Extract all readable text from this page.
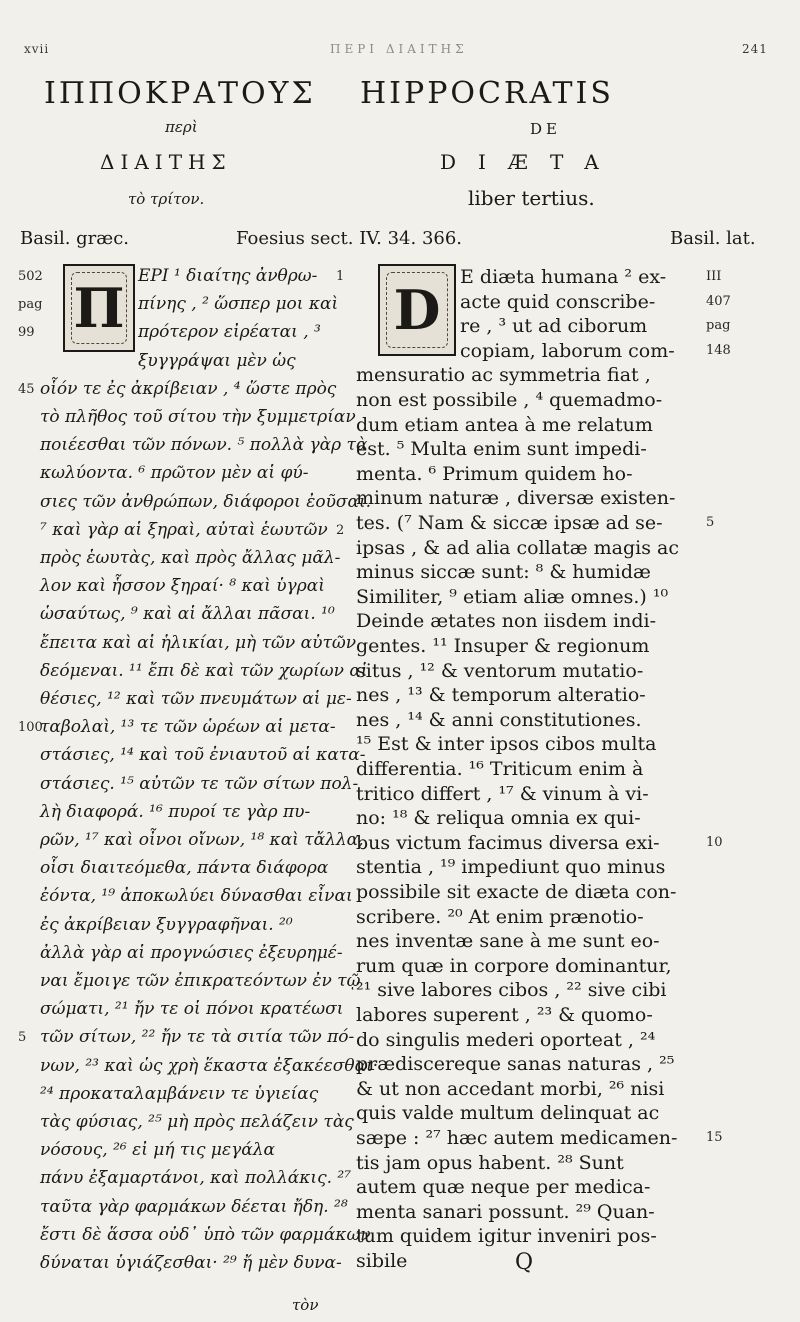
xvii	ΠΕΡΙ ΔΙΑΙΤΗΣ	241
ΙΠΠΟΚΡΑΤΟΥΣ HIPPOCRATIS
περὶ	DE
ΔΙΑΙΤΗΣ	DIÆTA
τὸ τρίτον.	liber tertius.
Basil. græc.	Foesius sect. IV. 34. 366.	Basil. lat.
Π ΕΡΙ ¹ διαίτης ἀνθρω-
πίνης , ² ὥσπερ μοι καὶ
πρότερον εἰρέαται , ³
ξυγγράψαι μὲν ὡς
οἷόν τε ἐς ἀκρίβειαν , ⁴ ὥστε πρὸς
τὸ πλῆθος τοῦ σίτου τὴν ξυμμετρίαν
ποιέεσθαι τῶν πόνων. ⁵ πολλὰ γὰρ τὰ
κωλύοντα. ⁶ πρῶτον μὲν αἱ φύ-
σιες τῶν ἀνθρώπων, διάφοροι ἐοῦσαι.
⁷ καὶ γὰρ αἱ ξηραὶ, αὐταὶ ἑωυτῶν
πρὸς ἑωυτὰς, καὶ πρὸς ἄλλας μᾶλ-
λον καὶ ἧσσον ξηραί· ⁸ καὶ ὑγραὶ
ὡσαύτως, ⁹ καὶ αἱ ἄλλαι πᾶσαι. ¹⁰
ἔπειτα καὶ αἱ ἡλικίαι, μὴ τῶν αὐτῶν
δεόμεναι. ¹¹ ἔπι δὲ καὶ τῶν χωρίων αἱ
θέσιες, ¹² καὶ τῶν πνευμάτων αἱ με-
ταβολαὶ, ¹³ τε τῶν ὡρέων αἱ μετα-
στάσιες, ¹⁴ καὶ τοῦ ἐνιαυτοῦ αἱ κατα-
στάσιες. ¹⁵ αὐτῶν τε τῶν σίτων πολ-
λὴ διαφορά. ¹⁶ πυροί τε γὰρ πυ-
ρῶν, ¹⁷ καὶ οἶνοι οἴνων, ¹⁸ καὶ τἄλλα,
οἷσι διαιτεόμεθα, πάντα διάφορα
ἐόντα, ¹⁹ ἀποκωλύει δύνασθαι εἶναι
ἐς ἀκρίβειαν ξυγγραφῆναι. ²⁰
ἀλλὰ γὰρ αἱ προγνώσιες ἐξευρημέ-
ναι ἔμοιγε τῶν ἐπικρατεόντων ἐν τῷ
σώματι, ²¹ ἤν τε οἱ πόνοι κρατέωσι
τῶν σίτων, ²² ἤν τε τὰ σιτία τῶν πό-
νων, ²³ καὶ ὡς χρὴ ἕκαστα ἐξακέεσθαι·
²⁴ προκαταλαμβάνειν τε ὑγιείας
τὰς φύσιας, ²⁵ μὴ πρὸς πελάζειν τὰς
νόσους, ²⁶ εἰ μή τις μεγάλα
πάνυ ἐξαμαρτάνοι, καὶ πολλάκις. ²⁷
ταῦτα γὰρ φαρμάκων δέεται ἤδη. ²⁸
ἔστι δὲ ἅσσα οὐδ᾽ ὑπὸ τῶν φαρμάκων
δύναται ὑγιάζεσθαι· ²⁹ ἤ μὲν δυνα-
502
pag
99
45
100
5
1
2
τὸν
D
E diæta humana ² ex-
acte quid conscribe-
re , ³ ut ad ciborum
copiam, laborum com-
mensuratio ac symmetria fiat ,
non est possibile , ⁴ quemadmo-
dum etiam antea à me relatum
est. ⁵ Multa enim sunt impedi-
menta. ⁶ Primum quidem ho-
minum naturæ , diversæ existen-
tes. (⁷ Nam & siccæ ipsæ ad se-
ipsas , & ad alia collatæ magis ac
minus siccæ sunt: ⁸ & humidæ
Similiter, ⁹ etiam aliæ omnes.) ¹⁰
Deinde ætates non iisdem indi-
gentes. ¹¹ Insuper & regionum
situs , ¹² & ventorum mutatio-
nes , ¹³ & temporum alteratio-
nes , ¹⁴ & anni constitutiones.
¹⁵ Est & inter ipsos cibos multa
differentia. ¹⁶ Triticum enim à
tritico differt , ¹⁷ & vinum à vi-
no: ¹⁸ & reliqua omnia ex qui-
bus victum facimus diversa exi-
stentia , ¹⁹ impediunt quo minus
possibile sit exacte de diæta con-
scribere. ²⁰ At enim prænotio-
nes inventæ sane à me sunt eo-
rum quæ in corpore dominantur,
²¹ sive labores cibos , ²² sive cibi
labores superent , ²³ & quomo-
do singulis mederi oporteat , ²⁴
prædiscereque sanas naturas , ²⁵
& ut non accedant morbi, ²⁶ nisi
quis valde multum delinquat ac
sæpe : ²⁷ hæc autem medicamen-
tis jam opus habent. ²⁸ Sunt
autem quæ neque per medica-
menta sanari possunt. ²⁹ Quan-
tum quidem igitur inveniri pos-
sibile
III
407
pag
148
5
10
15
Q
